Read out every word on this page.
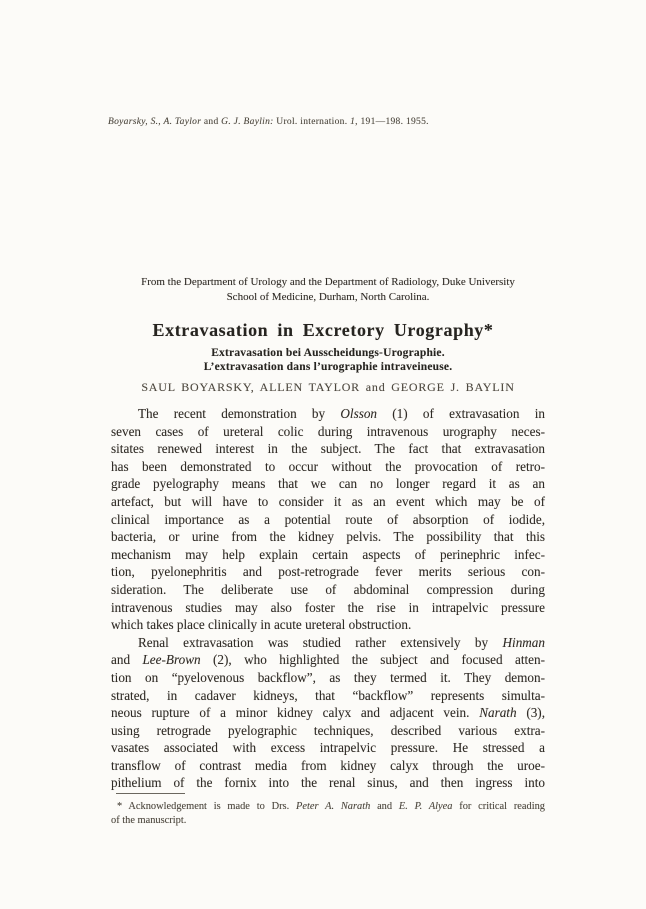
Boyarsky, S., A. Taylor and G. J. Baylin: Urol. internation. 1, 191—198. 1955.
From the Department of Urology and the Department of Radiology, Duke University
School of Medicine, Durham, North Carolina.
Extravasation in Excretory Urography*
Extravasation bei Ausscheidungs-Urographie.
L’extravasation dans l’urographie intraveineuse.
SAUL BOYARSKY, ALLEN TAYLOR and GEORGE J. BAYLIN
The recent demonstration by Olsson (1) of extravasation in
seven cases of ureteral colic during intravenous urography neces-
sitates renewed interest in the subject. The fact that extravasation
has been demonstrated to occur without the provocation of retro-
grade pyelography means that we can no longer regard it as an
artefact, but will have to consider it as an event which may be of
clinical importance as a potential route of absorption of iodide,
bacteria, or urine from the kidney pelvis. The possibility that this
mechanism may help explain certain aspects of perinephric infec-
tion, pyelonephritis and post-retrograde fever merits serious con-
sideration. The deliberate use of abdominal compression during
intravenous studies may also foster the rise in intrapelvic pressure
which takes place clinically in acute ureteral obstruction.
Renal extravasation was studied rather extensively by Hinman
and Lee-Brown (2), who highlighted the subject and focused atten-
tion on “pyelovenous backflow”, as they termed it. They demon-
strated, in cadaver kidneys, that “backflow” represents simulta-
neous rupture of a minor kidney calyx and adjacent vein. Narath (3),
using retrograde pyelographic techniques, described various extra-
vasates associated with excess intrapelvic pressure. He stressed a
transflow of contrast media from kidney calyx through the uroe-
pithelium of the fornix into the renal sinus, and then ingress into
* Acknowledgement is made to Drs. Peter A. Narath and E. P. Alyea for critical reading
of the manuscript.
